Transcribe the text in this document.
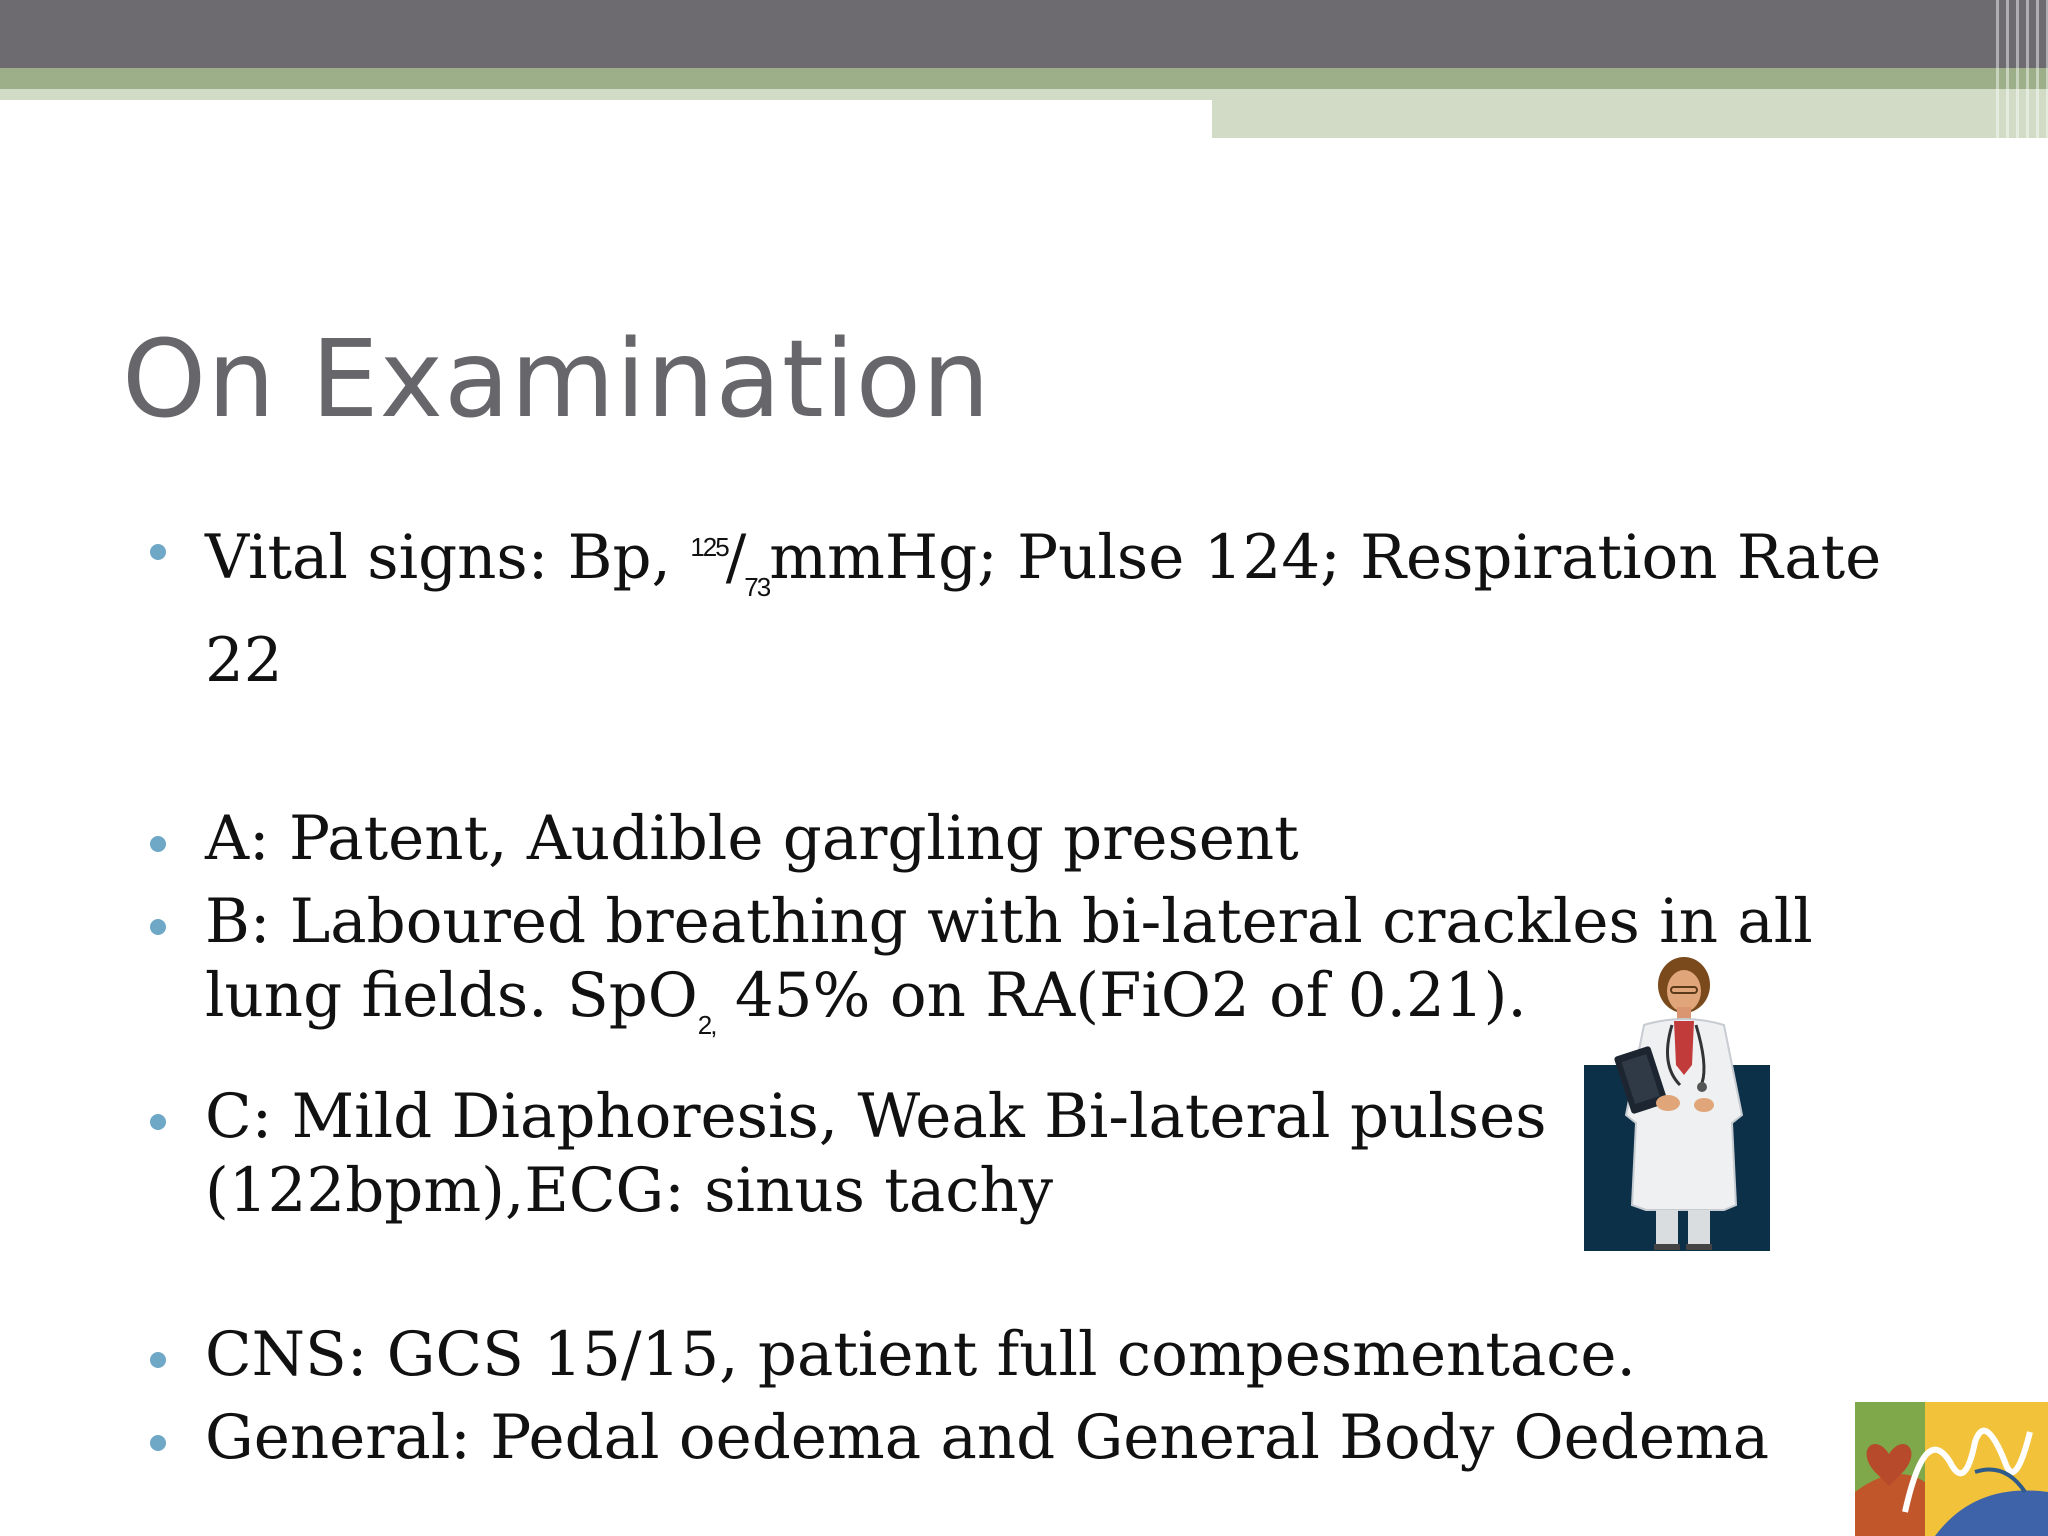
On Examination
Vital signs: Bp, $^{125}/_{73}mmHg$; Pulse 124; Respiration Rate 22
A: Patent, Audible gargling present
B: Laboured breathing with bi-lateral crackles in all lung fields. SpO$_{2,}$ 45% on RA(FiO2 of 0.21).
C: Mild Diaphoresis, Weak Bi-lateral pulses (122bpm),ECG: sinus tachy
CNS: GCS 15/15, patient full compesmentace.
General: Pedal oedema and General Body Oedema
